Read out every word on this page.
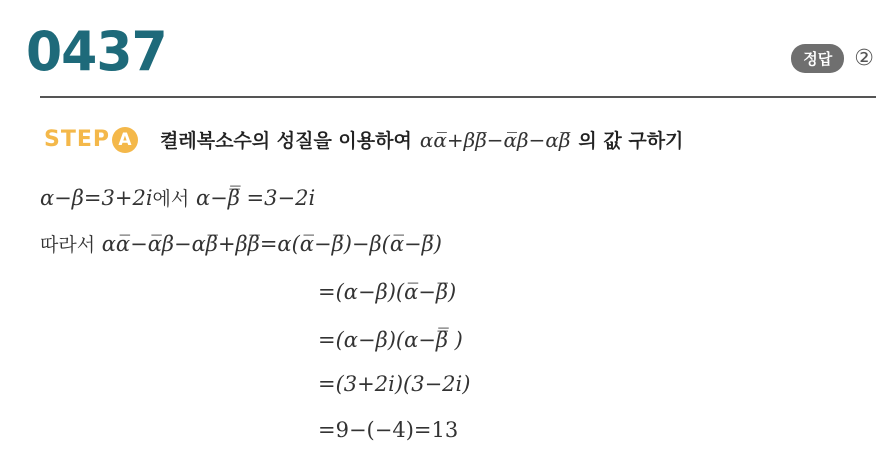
0437	정답	②
STEP A	켤레복소수의 성질을 이용하여 αα̅+ββ̅−α̅β−αβ̅ 의 값 구하기
α−β=3+2i에서 α−β̅̅ =3−2i
따라서 αα̅−α̅β−αβ̅+ββ̅=α(α̅−β̅)−β(α̅−β̅)
=(α−β)(α̅−β̅)
=(α−β)(α−β̅̅ )
=(3+2i)(3−2i)
=9−(−4)=13
